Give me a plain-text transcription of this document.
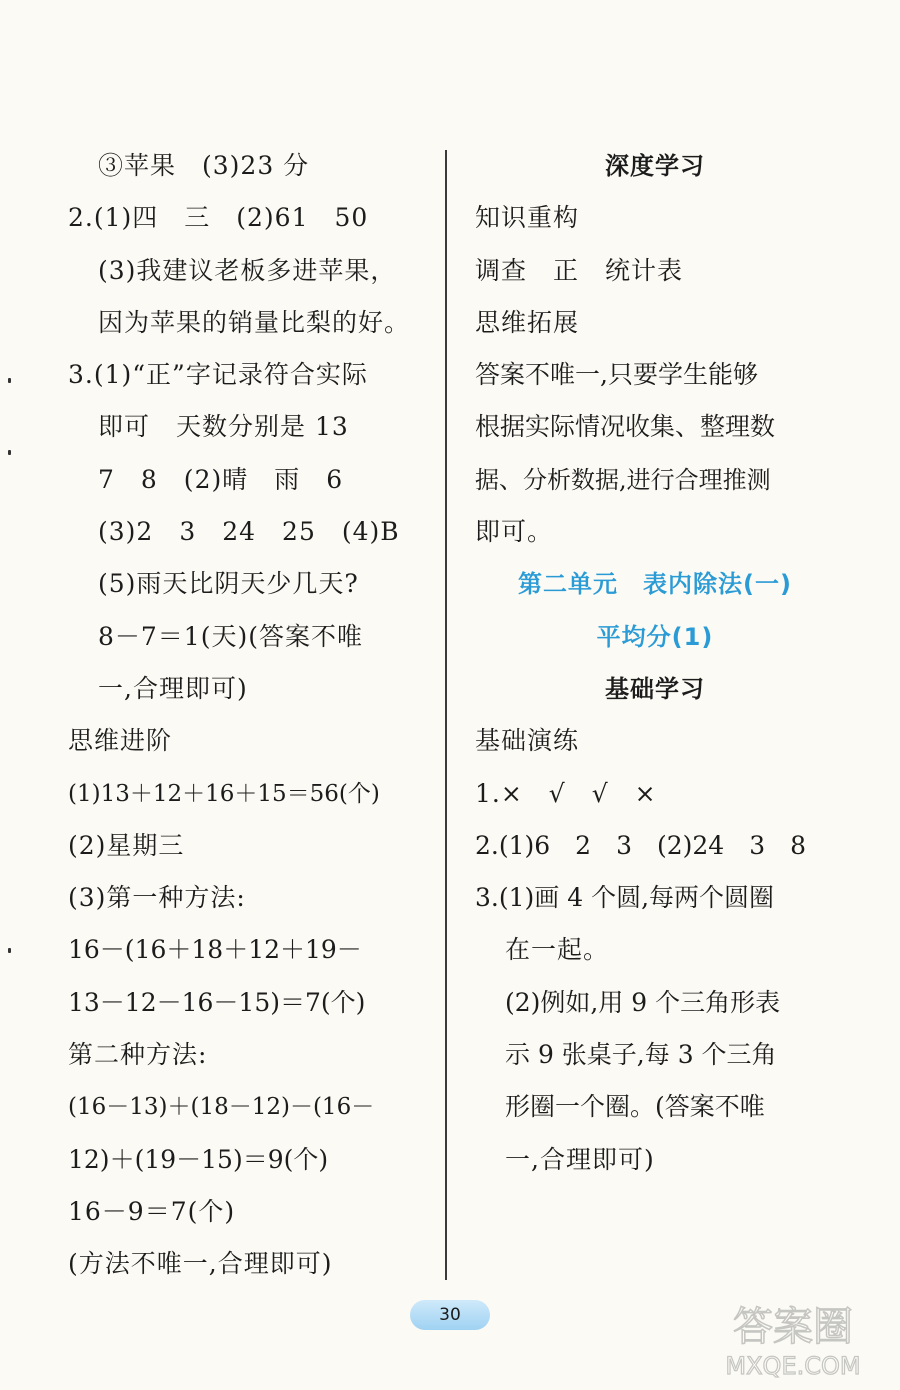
③苹果　(3)23 分
2.(1)四　三　(2)61　50
(3)我建议老板多进苹果，
因为苹果的销量比梨的好。
3.(1)“正”字记录符合实际
即可　天数分别是 13
7　8　(2)晴　雨　6
(3)2　3　24　25　(4)B
(5)雨天比阴天少几天?
8－7＝1(天)(答案不唯
一,合理即可)
思维进阶
(1)13＋12＋16＋15＝56(个)
(2)星期三
(3)第一种方法:
16－(16＋18＋12＋19－
13－12－16－15)＝7(个)
第二种方法:
(16－13)＋(18－12)－(16－
12)＋(19－15)＝9(个)
16－9＝7(个)
(方法不唯一,合理即可)
深度学习
知识重构
调查　正　统计表
思维拓展
答案不唯一,只要学生能够
根据实际情况收集、整理数
据、分析数据,进行合理推测
即可。
第二单元　表内除法(一)
平均分(1)
基础学习
基础演练
1.×　√　√　×
2.(1)6　2　3　(2)24　3　8
3.(1)画 4 个圆,每两个圆圈
在一起。
(2)例如,用 9 个三角形表
示 9 张桌子,每 3 个三角
形圈一个圈。(答案不唯
一,合理即可)
30	答案圈
MXQE.COM
